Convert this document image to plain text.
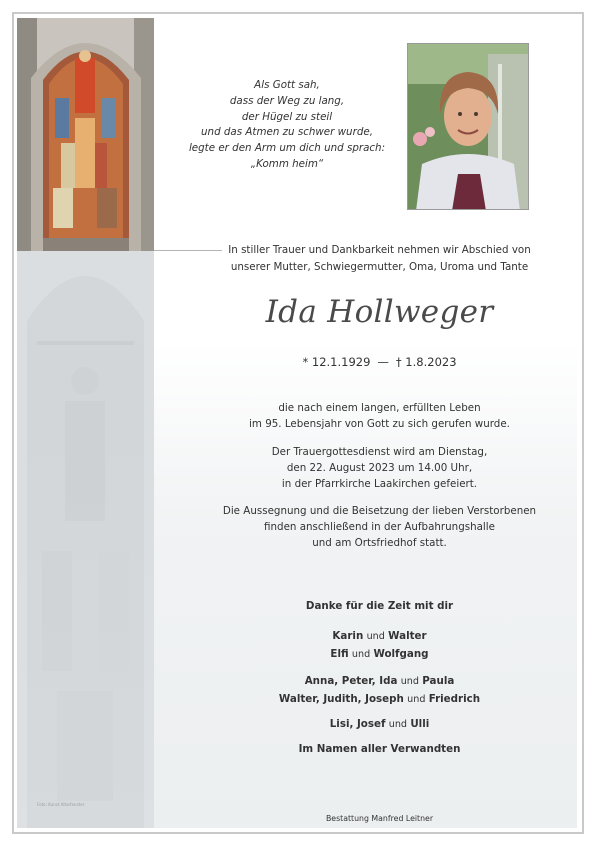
Foto: Kunst Altarfenster
Als Gott sah,
dass der Weg zu lang,
der Hügel zu steil
und das Atmen zu schwer wurde,
legte er den Arm um dich und sprach:
„Komm heim“
In stiller Trauer und Dankbarkeit nehmen wir Abschied von
unserer Mutter, Schwiegermutter, Oma, Uroma und Tante
Ida Hollweger
* 12.1.1929 — † 1.8.2023
die nach einem langen, erfüllten Leben
im 95. Lebensjahr von Gott zu sich gerufen wurde.
Der Trauergottesdienst wird am Dienstag,
den 22. August 2023 um 14.00 Uhr,
in der Pfarrkirche Laakirchen gefeiert.
Die Aussegnung und die Beisetzung der lieben Verstorbenen
finden anschließend in der Aufbahrungshalle
und am Ortsfriedhof statt.
Danke für die Zeit mit dir
Karin und Walter
Elfi und Wolfgang
Anna, Peter, Ida und Paula
Walter, Judith, Joseph und Friedrich
Lisi, Josef und Ulli
Im Namen aller Verwandten
Bestattung Manfred Leitner
